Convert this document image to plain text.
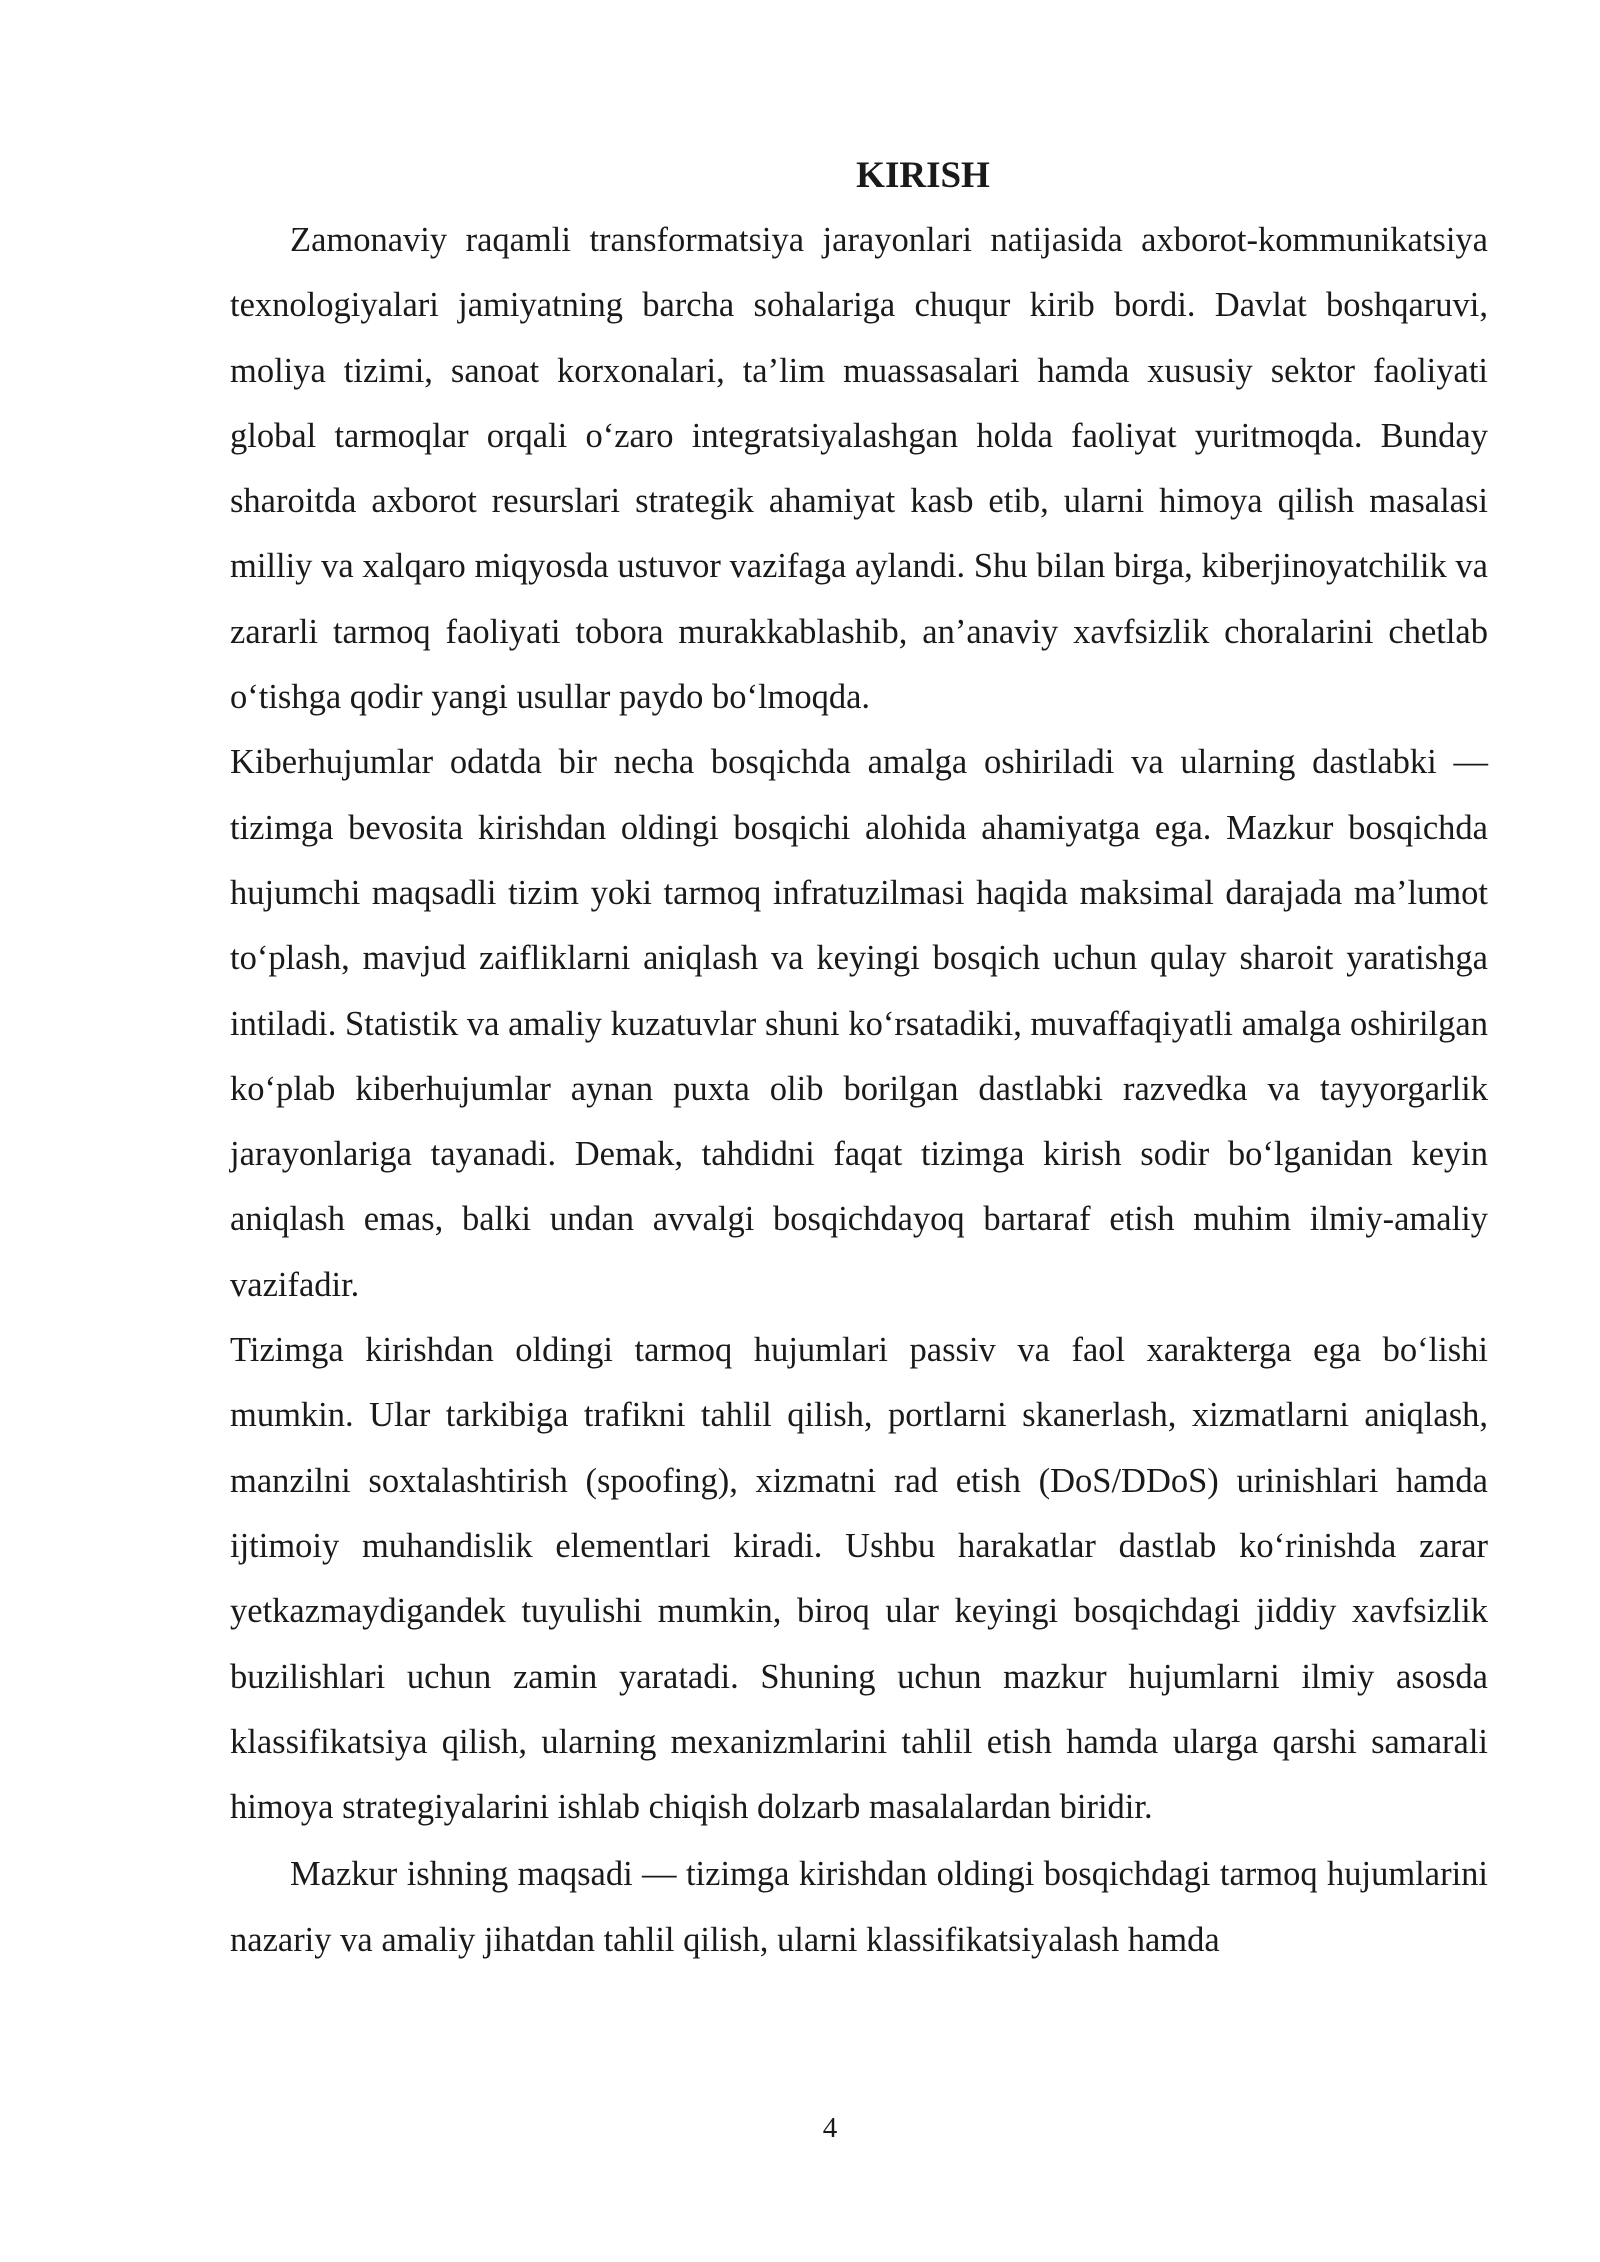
KIRISH

Zamonaviy raqamli transformatsiya jarayonlari natijasida axborot-kommunikatsiya texnologiyalari jamiyatning barcha sohalariga chuqur kirib bordi. Davlat boshqaruvi, moliya tizimi, sanoat korxonalari, ta’lim muassasalari hamda xususiy sektor faoliyati global tarmoqlar orqali o‘zaro integratsiyalashgan holda faoliyat yuritmoqda. Bunday sharoitda axborot resurslari strategik ahamiyat kasb etib, ularni himoya qilish masalasi milliy va xalqaro miqyosda ustuvor vazifaga aylandi. Shu bilan birga, kiberjinoyatchilik va zararli tarmoq faoliyati tobora murakkablashib, an’anaviy xavfsizlik choralarini chetlab o‘tishga qodir yangi usullar paydo bo‘lmoqda.

Kiberhujumlar odatda bir necha bosqichda amalga oshiriladi va ularning dastlabki — tizimga bevosita kirishdan oldingi bosqichi alohida ahamiyatga ega. Mazkur bosqichda hujumchi maqsadli tizim yoki tarmoq infratuzilmasi haqida maksimal darajada ma’lumot to‘plash, mavjud zaifliklarni aniqlash va keyingi bosqich uchun qulay sharoit yaratishga intiladi. Statistik va amaliy kuzatuvlar shuni ko‘rsatadiki, muvaffaqiyatli amalga oshirilgan ko‘plab kiberhujumlar aynan puxta olib borilgan dastlabki razvedka va tayyorgarlik jarayonlariga tayanadi. Demak, tahdidni faqat tizimga kirish sodir bo‘lganidan keyin aniqlash emas, balki undan avvalgi bosqichdayoq bartaraf etish muhim ilmiy-amaliy vazifadir.

Tizimga kirishdan oldingi tarmoq hujumlari passiv va faol xarakterga ega bo‘lishi mumkin. Ular tarkibiga trafikni tahlil qilish, portlarni skanerlash, xizmatlarni aniqlash, manzilni soxtalashtirish (spoofing), xizmatni rad etish (DoS/DDoS) urinishlari hamda ijtimoiy muhandislik elementlari kiradi. Ushbu harakatlar dastlab ko‘rinishda zarar yetkazmaydigandek tuyulishi mumkin, biroq ular keyingi bosqichdagi jiddiy xavfsizlik buzilishlari uchun zamin yaratadi. Shuning uchun mazkur hujumlarni ilmiy asosda klassifikatsiya qilish, ularning mexanizmlarini tahlil etish hamda ularga qarshi samarali himoya strategiyalarini ishlab chiqish dolzarb masalalardan biridir.

Mazkur ishning maqsadi — tizimga kirishdan oldingi bosqichdagi tarmoq hujumlarini nazariy va amaliy jihatdan tahlil qilish, ularni klassifikatsiyalash hamda

4
